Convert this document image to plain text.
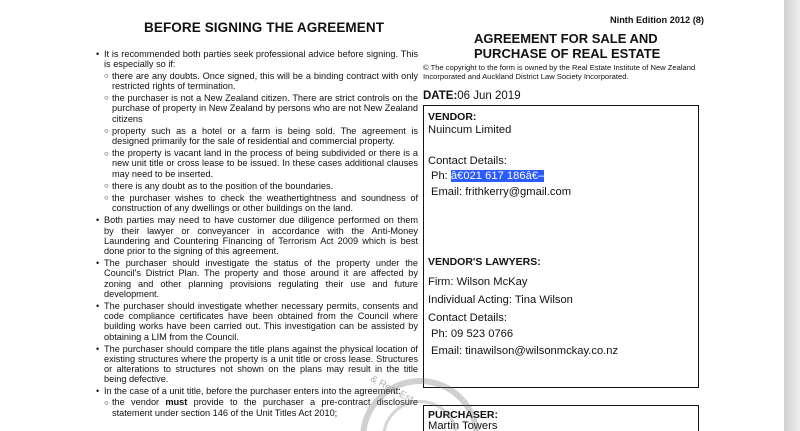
BEFORE SIGNING THE AGREEMENT
• It is recommended both parties seek professional advice before signing. This is especially so if:
○ there are any doubts. Once signed, this will be a binding contract with only restricted rights of termination.
○ the purchaser is not a New Zealand citizen. There are strict controls on the purchase of property in New Zealand by persons who are not New Zealand citizens
○ property such as a hotel or a farm is being sold. The agreement is designed primarily for the sale of residential and commercial property.
○ the property is vacant land in the process of being subdivided or there is a new unit title or cross lease to be issued. In these cases additional clauses may need to be inserted.
○ there is any doubt as to the position of the boundaries.
○ the purchaser wishes to check the weathertightness and soundness of construction of any dwellings or other buildings on the land.
• Both parties may need to have customer due diligence performed on them by their lawyer or conveyancer in accordance with the Anti-Money Laundering and Countering Financing of Terrorism Act 2009 which is best done prior to the signing of this agreement.
• The purchaser should investigate the status of the property under the Council's District Plan. The property and those around it are affected by zoning and other planning provisions regulating their use and future development.
• The purchaser should investigate whether necessary permits, consents and code compliance certificates have been obtained from the Council where building works have been carried out. This investigation can be assisted by obtaining a LIM from the Council.
• The purchaser should compare the title plans against the physical location of existing structures where the property is a unit title or cross lease. Structures or alterations to structures not shown on the plans may result in the title being defective.
• In the case of a unit title, before the purchaser enters into the agreement:
○ the vendor must provide to the purchaser a pre-contract disclosure statement under section 146 of the Unit Titles Act 2010;
Ninth Edition 2012 (8)
AGREEMENT FOR SALE AND
PURCHASE OF REAL ESTATE
© The copyright to the form is owned by the Real Estate Institute of New Zealand Incorporated and Auckland District Law Society Incorporated.
DATE:06 Jun 2019
VENDOR:
Nuincum Limited
Contact Details:
Ph: â€021 617 186â€–
Email: frithkerry@gmail.com
VENDOR'S LAWYERS:
Firm: Wilson McKay
Individual Acting: Tina Wilson
Contact Details:
Ph: 09 523 0766
Email: tinawilson@wilsonmckay.co.nz
PURCHASER:
Martin Towers
& Real Est
